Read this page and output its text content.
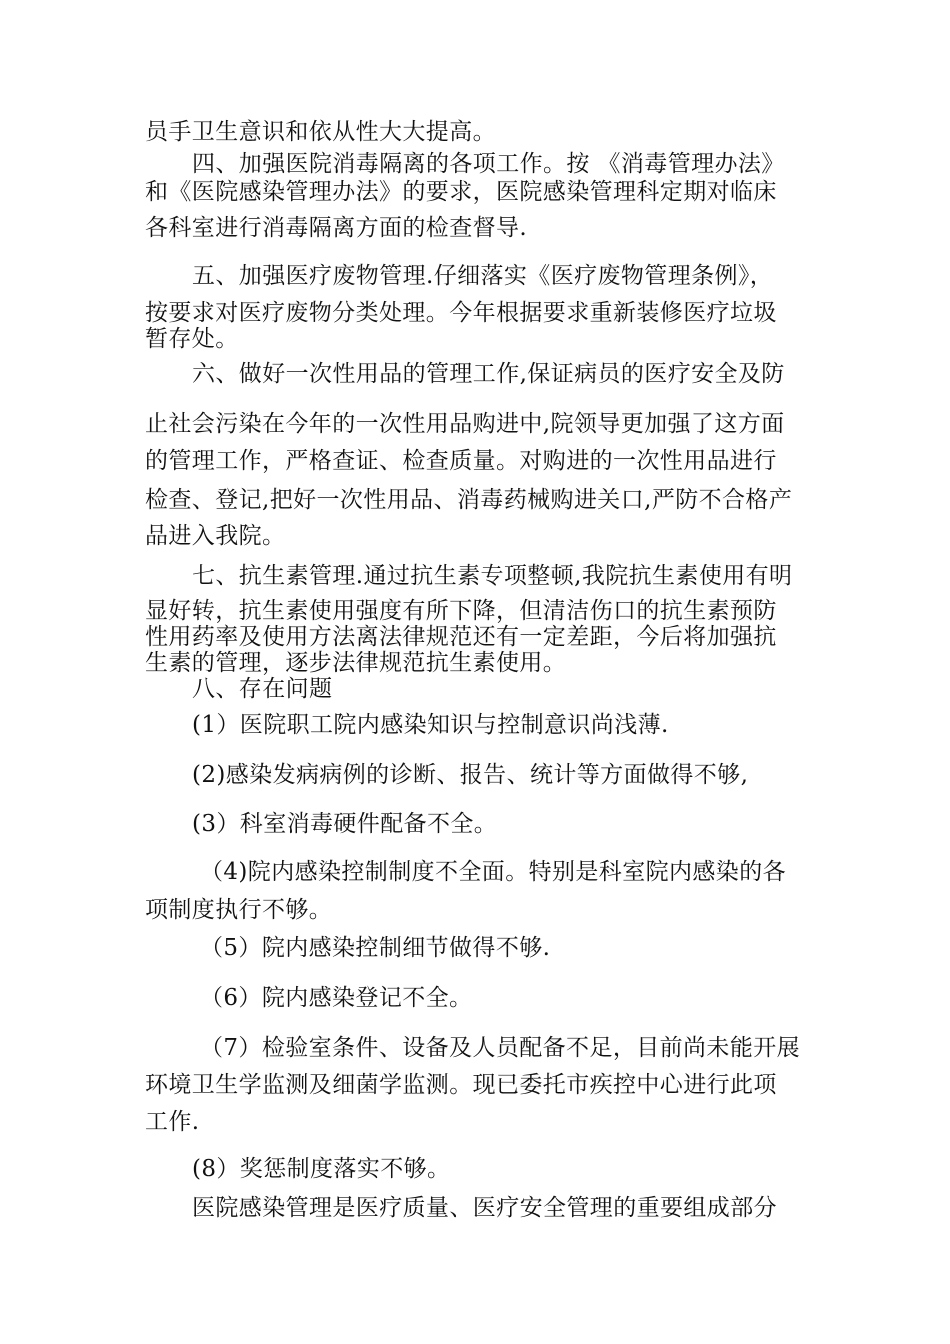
员手卫生意识和依从性大大提高。
四、加强医院消毒隔离的各项工作。按 《消毒管理办法》
和《医院感染管理办法》的要求，医院感染管理科定期对临床
各科室进行消毒隔离方面的检查督导.
五、加强医疗废物管理.仔细落实《医疗废物管理条例》，
按要求对医疗废物分类处理。今年根据要求重新装修医疗垃圾
暂存处。
六、做好一次性用品的管理工作,保证病员的医疗安全及防
止社会污染在今年的一次性用品购进中,院领导更加强了这方面
的管理工作，严格查证、检查质量。对购进的一次性用品进行
检查、登记,把好一次性用品、消毒药械购进关口,严防不合格产
品进入我院。
七、抗生素管理.通过抗生素专项整顿,我院抗生素使用有明
显好转，抗生素使用强度有所下降，但清洁伤口的抗生素预防
性用药率及使用方法离法律规范还有一定差距，今后将加强抗
生素的管理，逐步法律规范抗生素使用。
八、存在问题
(1）医院职工院内感染知识与控制意识尚浅薄.
(2)感染发病病例的诊断、报告、统计等方面做得不够,
(3）科室消毒硬件配备不全。
（4)院内感染控制制度不全面。特别是科室院内感染的各
项制度执行不够。
（5）院内感染控制细节做得不够.
（6）院内感染登记不全。
（7）检验室条件、设备及人员配备不足，目前尚未能开展
环境卫生学监测及细菌学监测。现已委托市疾控中心进行此项
工作.
(8）奖惩制度落实不够。
医院感染管理是医疗质量、医疗安全管理的重要组成部分
